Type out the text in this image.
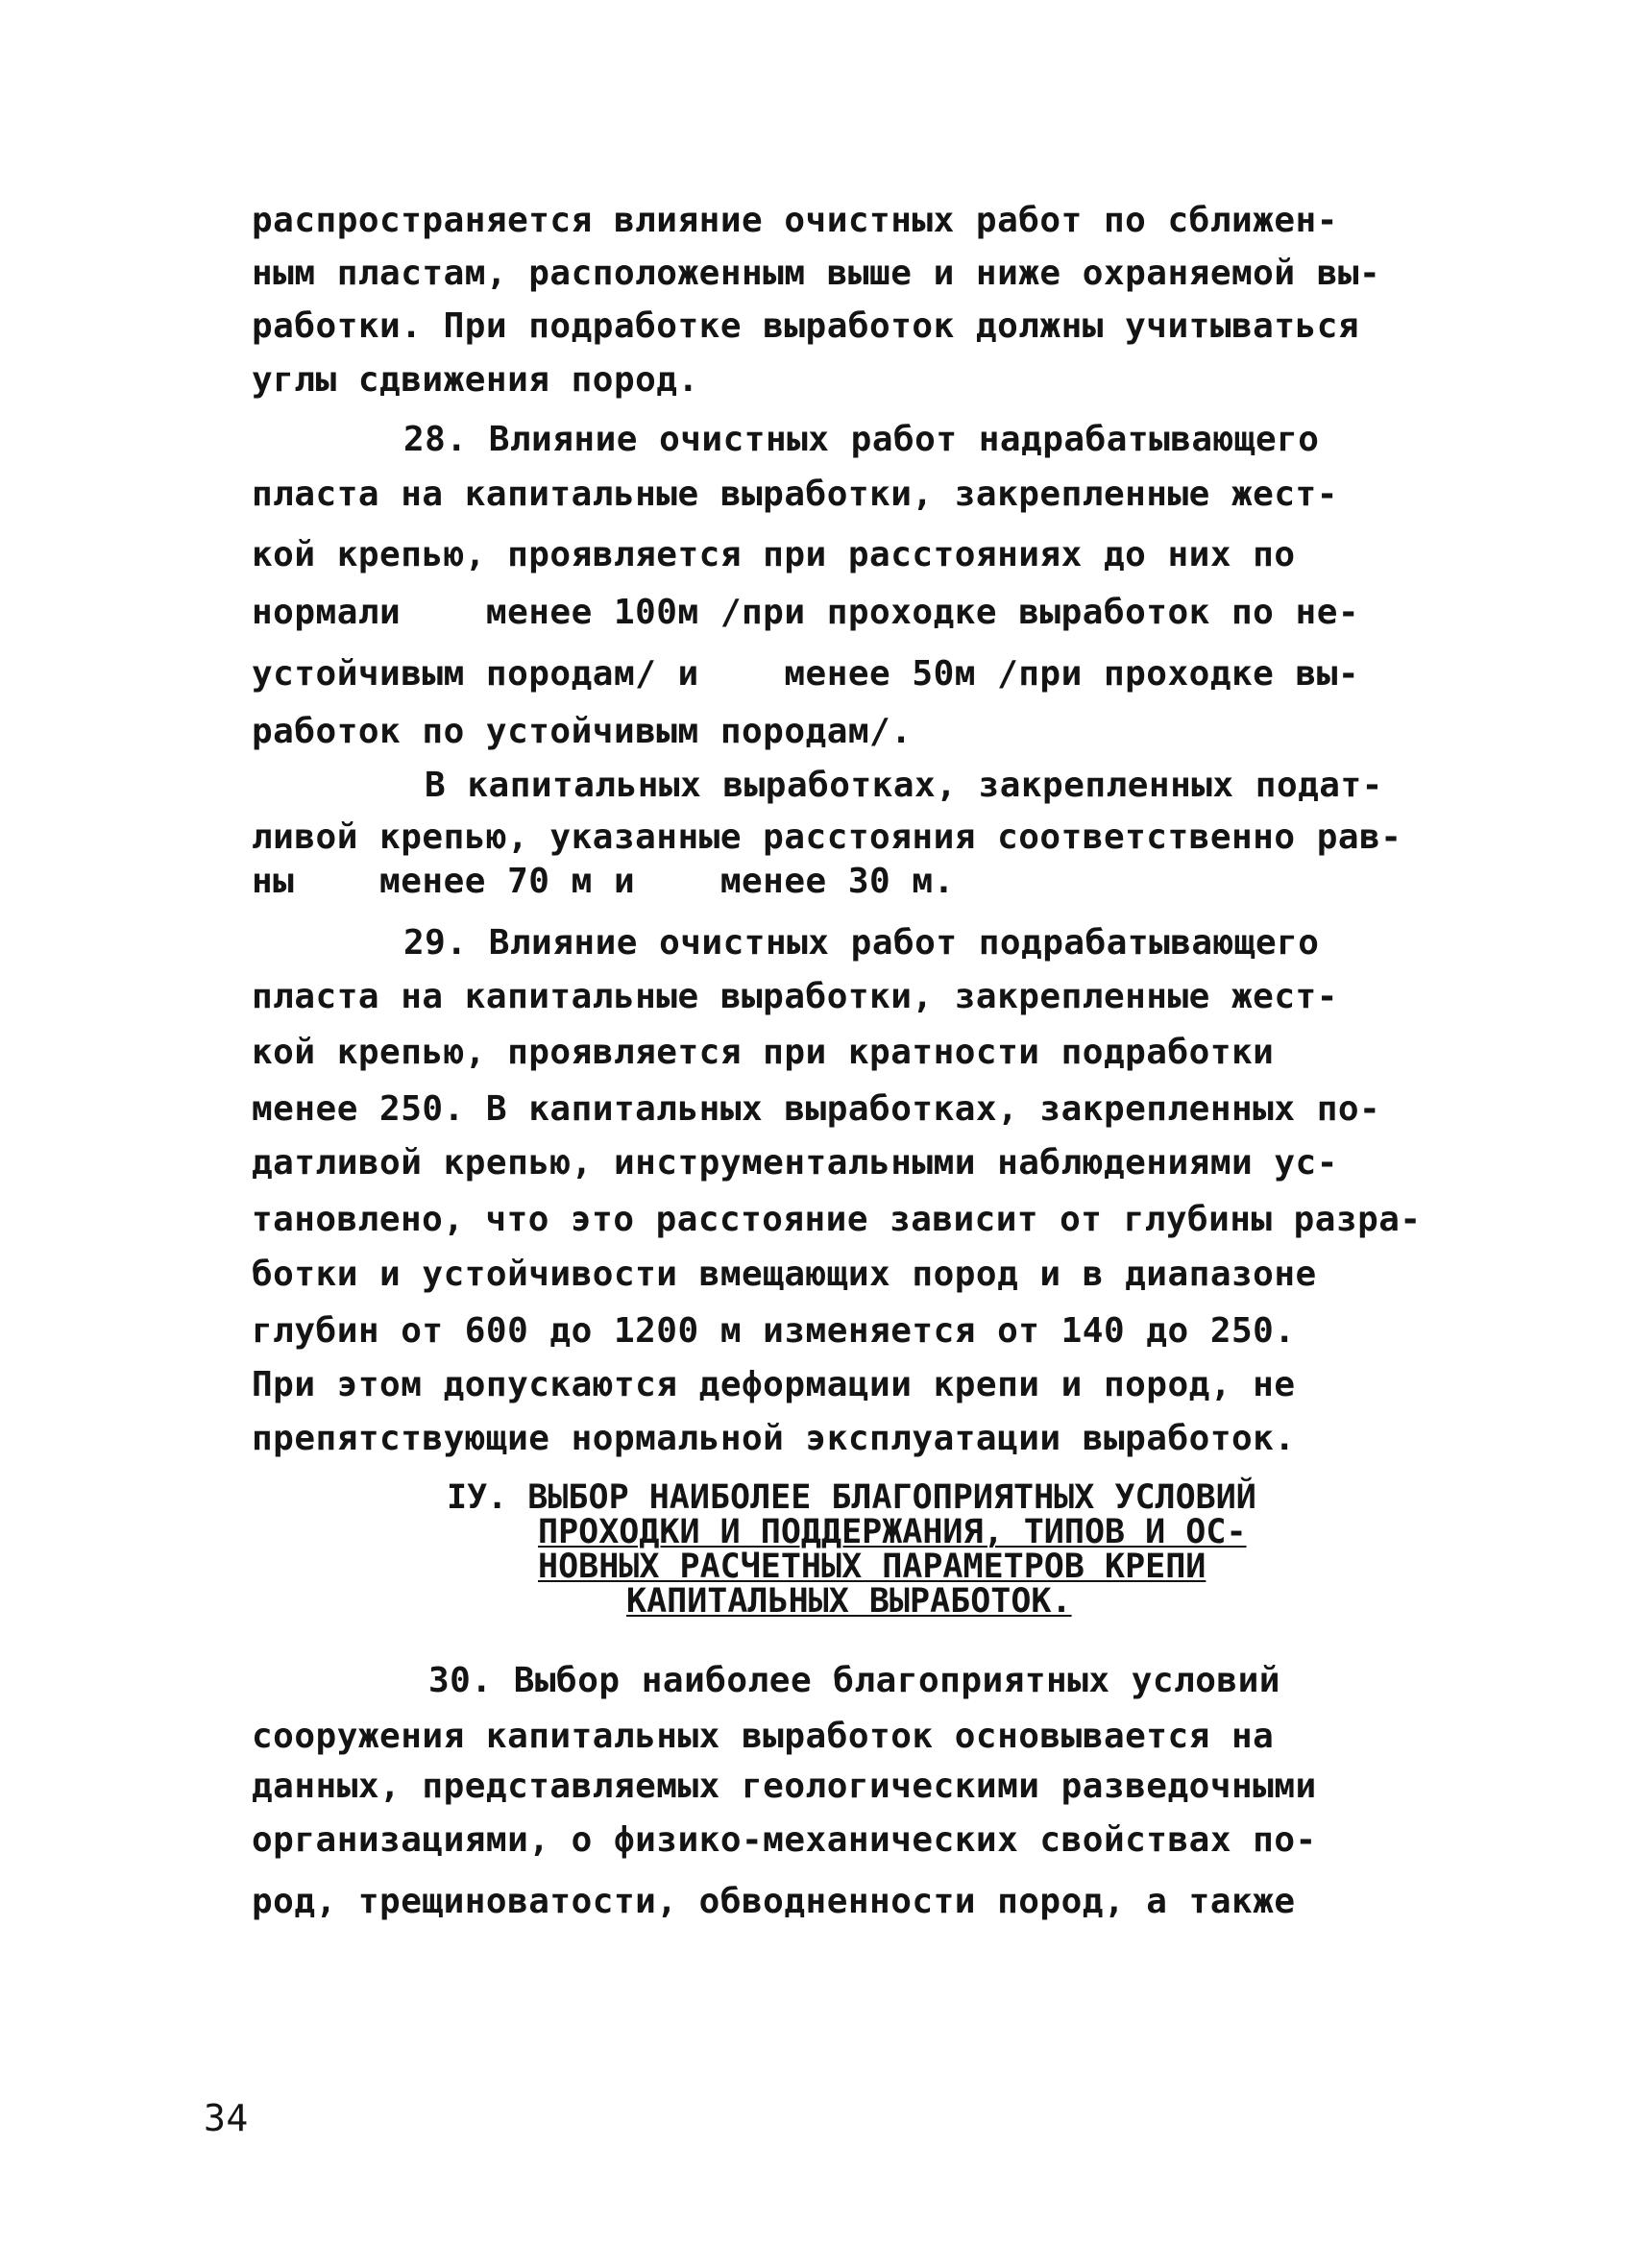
распространяется влияние очистных работ по сближен-
ным пластам, расположенным выше и ниже охраняемой вы-
работки. При подработке выработок должны учитываться
углы сдвижения пород.
28. Влияние очистных работ надрабатывающего
пласта на капитальные выработки, закрепленные жест-
кой крепью, проявляется при расстояниях до них по
нормали    менее 100м /при проходке выработок по не-
устойчивым породам/ и    менее 50м /при проходке вы-
работок по устойчивым породам/.
В капитальных выработках, закрепленных подат-
ливой крепью, указанные расстояния соответственно рав-
ны    менее 70 м и    менее 30 м.
29. Влияние очистных работ подрабатывающего
пласта на капитальные выработки, закрепленные жест-
кой крепью, проявляется при кратности подработки
менее 250. В капитальных выработках, закрепленных по-
датливой крепью, инструментальными наблюдениями ус-
тановлено, что это расстояние зависит от глубины разра-
ботки и устойчивости вмещающих пород и в диапазоне
глубин от 600 до 1200 м изменяется от 140 до 250.
При этом допускаются деформации крепи и пород, не
препятствующие нормальной эксплуатации выработок.
IУ. ВЫБОР НАИБОЛЕЕ БЛАГОПРИЯТНЫХ УСЛОВИЙ
ПРОХОДКИ И ПОДДЕРЖАНИЯ, ТИПОВ И ОС-
НОВНЫХ РАСЧЕТНЫХ ПАРАМЕТРОВ КРЕПИ
КАПИТАЛЬНЫХ ВЫРАБОТОК.
30. Выбор наиболее благоприятных условий
сооружения капитальных выработок основывается на
данных, представляемых геологическими разведочными
организациями, о физико-механических свойствах по-
род, трещиноватости, обводненности пород, а также
34
